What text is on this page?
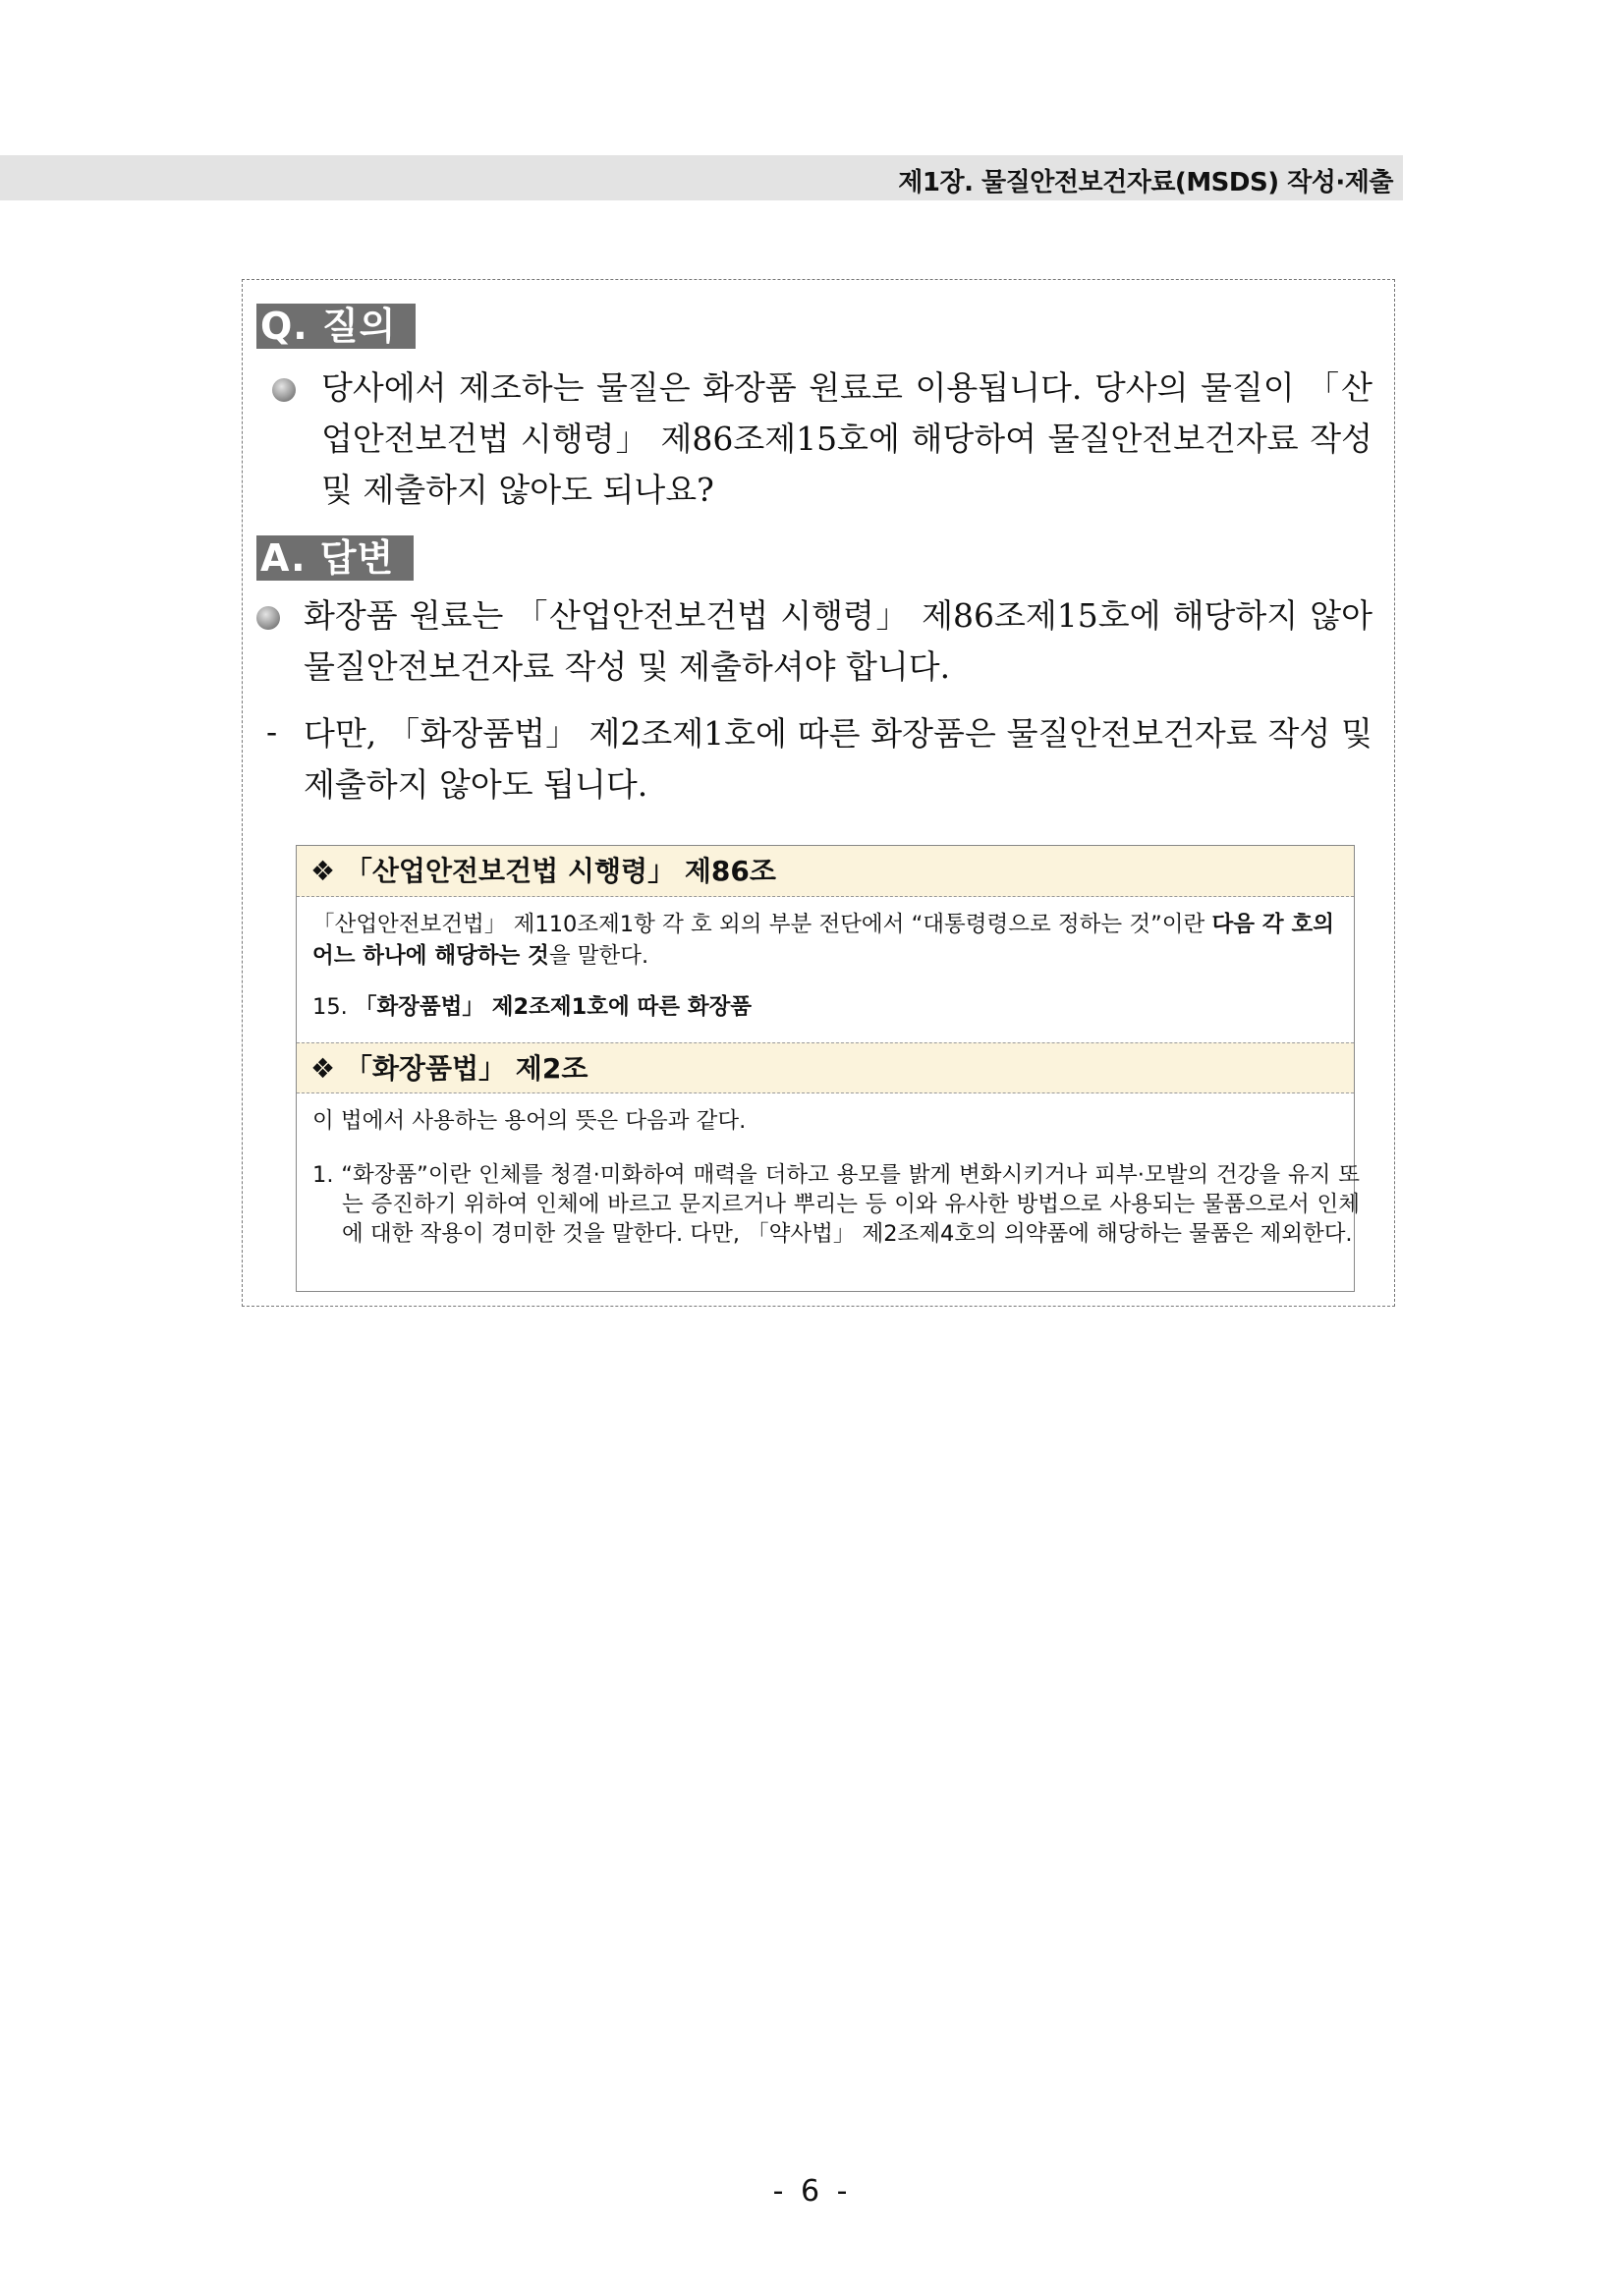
제1장. 물질안전보건자료(MSDS) 작성·제출
Q. 질의
당사에서 제조하는 물질은 화장품 원료로 이용됩니다. 당사의 물질이 「산업안전보건법 시행령」 제86조제15호에 해당하여 물질안전보건자료 작성 및 제출하지 않아도 되나요?
A. 답변
화장품 원료는 「산업안전보건법 시행령」 제86조제15호에 해당하지 않아 물질안전보건자료 작성 및 제출하셔야 합니다.
- 다만, 「화장품법」 제2조제1호에 따른 화장품은 물질안전보건자료 작성 및 제출하지 않아도 됩니다.
❖ 「산업안전보건법 시행령」 제86조
「산업안전보건법」 제110조제1항 각 호 외의 부분 전단에서 “대통령령으로 정하는 것”이란 다음 각 호의 어느 하나에 해당하는 것을 말한다.
15. 「화장품법」 제2조제1호에 따른 화장품
❖ 「화장품법」 제2조
이 법에서 사용하는 용어의 뜻은 다음과 같다.
1. “화장품”이란 인체를 청결·미화하여 매력을 더하고 용모를 밝게 변화시키거나 피부·모발의 건강을 유지 또는 증진하기 위하여 인체에 바르고 문지르거나 뿌리는 등 이와 유사한 방법으로 사용되는 물품으로서 인체에 대한 작용이 경미한 것을 말한다. 다만, 「약사법」 제2조제4호의 의약품에 해당하는 물품은 제외한다.
- 6 -
